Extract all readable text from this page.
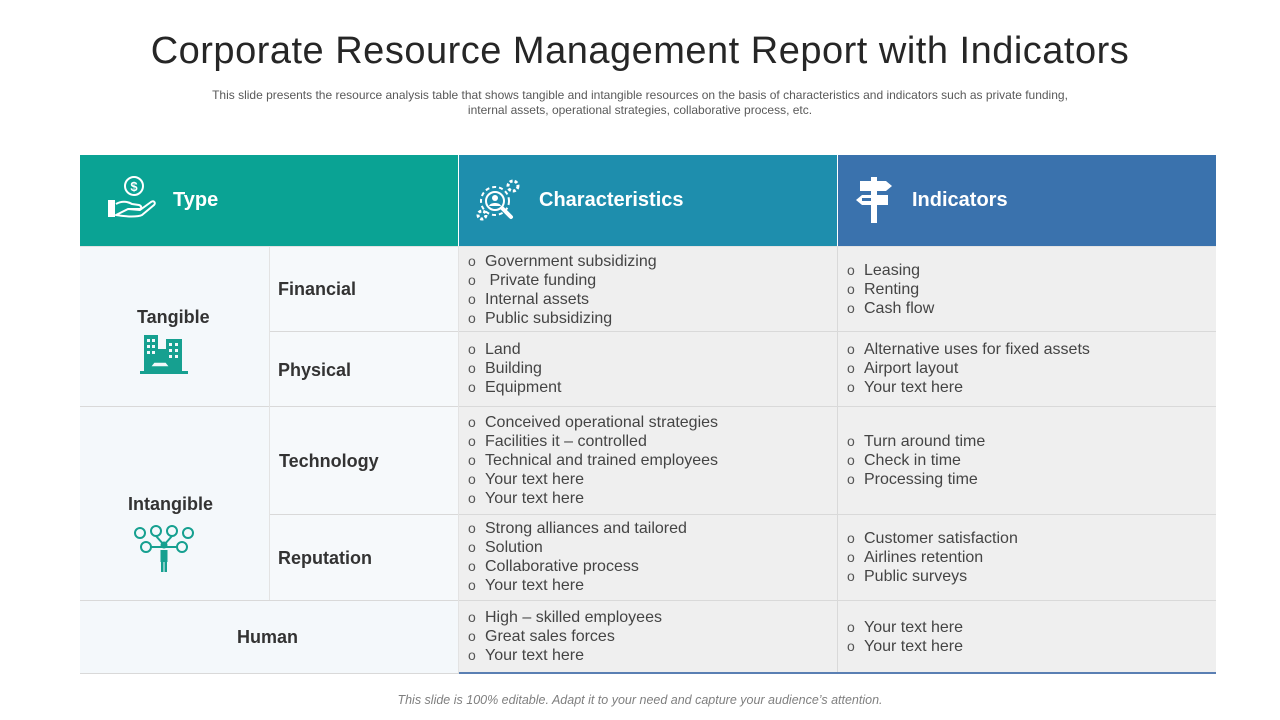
Corporate Resource Management Report with Indicators
This slide presents the resource analysis table that shows tangible and intangible resources on the basis of characteristics and indicators such as private funding,
internal assets, operational strategies, collaborative process, etc.
$
Type	Characteristics	Indicators
Tangible
Intangible
Human
Financial
Physical
Technology
Reputation
o Government subsidizing
o Private funding
o Internal assets
o Public subsidizing
o Land
o Building
o Equipment
o Conceived operational strategies
o Facilities it – controlled
o Technical and trained employees
o Your text here
o Your text here
o Strong alliances and tailored
o Solution
o Collaborative process
o Your text here
o High – skilled employees
o Great sales forces
o Your text here
o Leasing
o Renting
o Cash flow
o Alternative uses for fixed assets
o Airport layout
o Your text here
o Turn around time
o Check in time
o Processing time
o Customer satisfaction
o Airlines retention
o Public surveys
o Your text here
o Your text here
This slide is 100% editable. Adapt it to your need and capture your audience’s attention.
